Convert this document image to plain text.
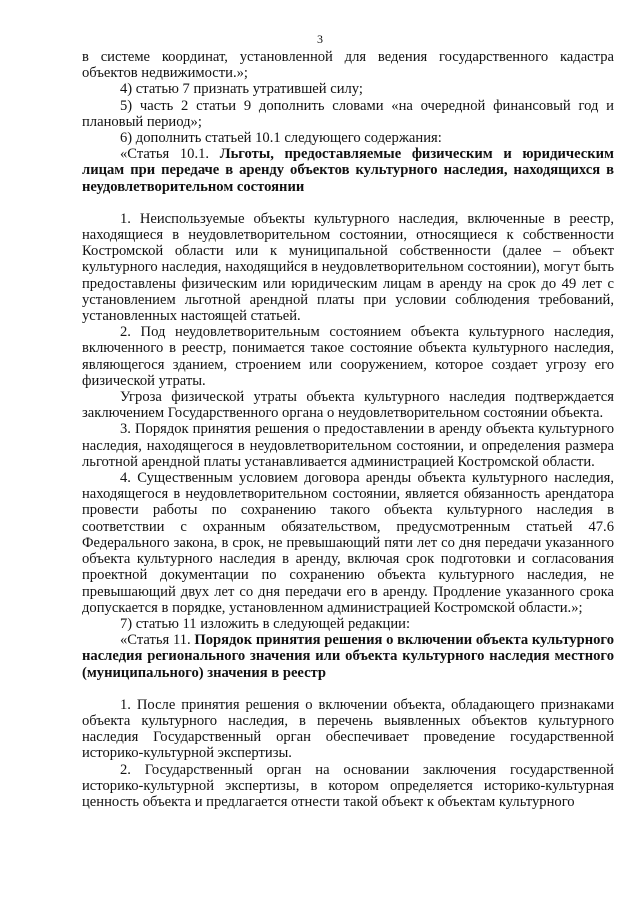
3

в системе координат, установленной для ведения государственного кадастра объектов недвижимости.»;

4) статью 7 признать утратившей силу;

5) часть 2 статьи 9 дополнить словами «на очередной финансовый год и плановый период»;

6) дополнить статьей 10.1 следующего содержания:

«Статья 10.1. Льготы, предоставляемые физическим и юридическим лицам при передаче в аренду объектов культурного наследия, находящихся в неудовлетворительном состоянии

1. Неиспользуемые объекты культурного наследия, включенные в реестр, находящиеся в неудовлетворительном состоянии, относящиеся к собственности Костромской области или к муниципальной собственности (далее – объект культурного наследия, находящийся в неудовлетворительном состоянии), могут быть предоставлены физическим или юридическим лицам в аренду на срок до 49 лет с установлением льготной арендной платы при условии соблюдения требований, установленных настоящей статьей.

2. Под неудовлетворительным состоянием объекта культурного наследия, включенного в реестр, понимается такое состояние объекта культурного наследия, являющегося зданием, строением или сооружением, которое создает угрозу его физической утраты.

Угроза физической утраты объекта культурного наследия подтверждается заключением Государственного органа о неудовлетворительном состоянии объекта.

3. Порядок принятия решения о предоставлении в аренду объекта культурного наследия, находящегося в неудовлетворительном состоянии, и определения размера льготной арендной платы устанавливается администрацией Костромской области.

4. Существенным условием договора аренды объекта культурного наследия, находящегося в неудовлетворительном состоянии, является обязанность арендатора провести работы по сохранению такого объекта культурного наследия в соответствии с охранным обязательством, предусмотренным статьей 47.6 Федерального закона, в срок, не превышающий пяти лет со дня передачи указанного объекта культурного наследия в аренду, включая срок подготовки и согласования проектной документации по сохранению объекта культурного наследия, не превышающий двух лет со дня передачи его в аренду. Продление указанного срока допускается в порядке, установленном администрацией Костромской области.»;

7) статью 11 изложить в следующей редакции:

«Статья 11. Порядок принятия решения о включении объекта культурного наследия регионального значения или объекта культурного наследия местного (муниципального) значения в реестр

1. После принятия решения о включении объекта, обладающего признаками объекта культурного наследия, в перечень выявленных объектов культурного наследия Государственный орган обеспечивает проведение государственной историко-культурной экспертизы.

2. Государственный орган на основании заключения государственной историко-культурной экспертизы, в котором определяется историко-культурная ценность объекта и предлагается отнести такой объект к объектам культурного
